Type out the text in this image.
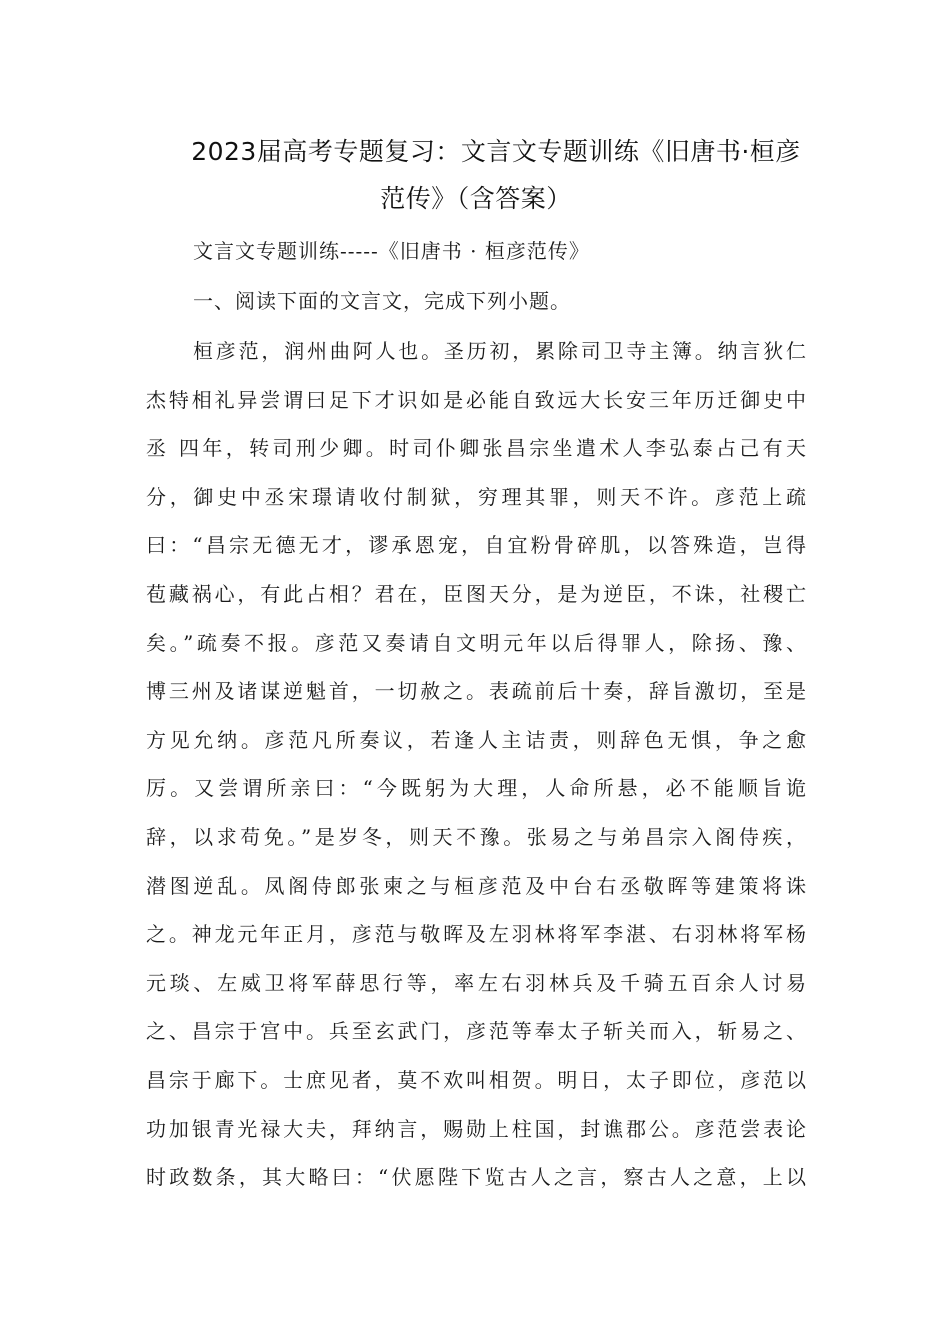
2023届高考专题复习：文言文专题训练《旧唐书·桓彦
范传》（含答案）
文言文专题训练-----《旧唐书 · 桓彦范传》
一、阅读下面的文言文，完成下列小题。
桓彦范，润州曲阿人也。圣历初，累除司卫寺主簿。纳言狄仁
杰特相礼异尝谓曰足下才识如是必能自致远大长安三年历迁御史中
丞 四年，转司刑少卿。时司仆卿张昌宗坐遣术人李弘泰占己有天
分，御史中丞宋璟请收付制狱，穷理其罪，则天不许。彦范上疏
曰：“昌宗无德无才，谬承恩宠，自宜粉骨碎肌，以答殊造，岂得
苞藏祸心，有此占相？君在，臣图天分，是为逆臣，不诛，社稷亡
矣。”疏奏不报。彦范又奏请自文明元年以后得罪人，除扬、豫、
博三州及诸谋逆魁首，一切赦之。表疏前后十奏，辞旨激切，至是
方见允纳。彦范凡所奏议，若逢人主诘责，则辞色无惧，争之愈
厉。又尝谓所亲曰：“今既躬为大理，人命所悬，必不能顺旨诡
辞，以求苟免。”是岁冬，则天不豫。张易之与弟昌宗入阁侍疾，
潜图逆乱。凤阁侍郎张柬之与桓彦范及中台右丞敬晖等建策将诛
之。神龙元年正月，彦范与敬晖及左羽林将军李湛、右羽林将军杨
元琰、左威卫将军薛思行等，率左右羽林兵及千骑五百余人讨易
之、昌宗于宫中。兵至玄武门，彦范等奉太子斩关而入，斩易之、
昌宗于廊下。士庶见者，莫不欢叫相贺。明日，太子即位，彦范以
功加银青光禄大夫，拜纳言，赐勋上柱国，封谯郡公。彦范尝表论
时政数条，其大略曰：“伏愿陛下览古人之言，察古人之意，上以
